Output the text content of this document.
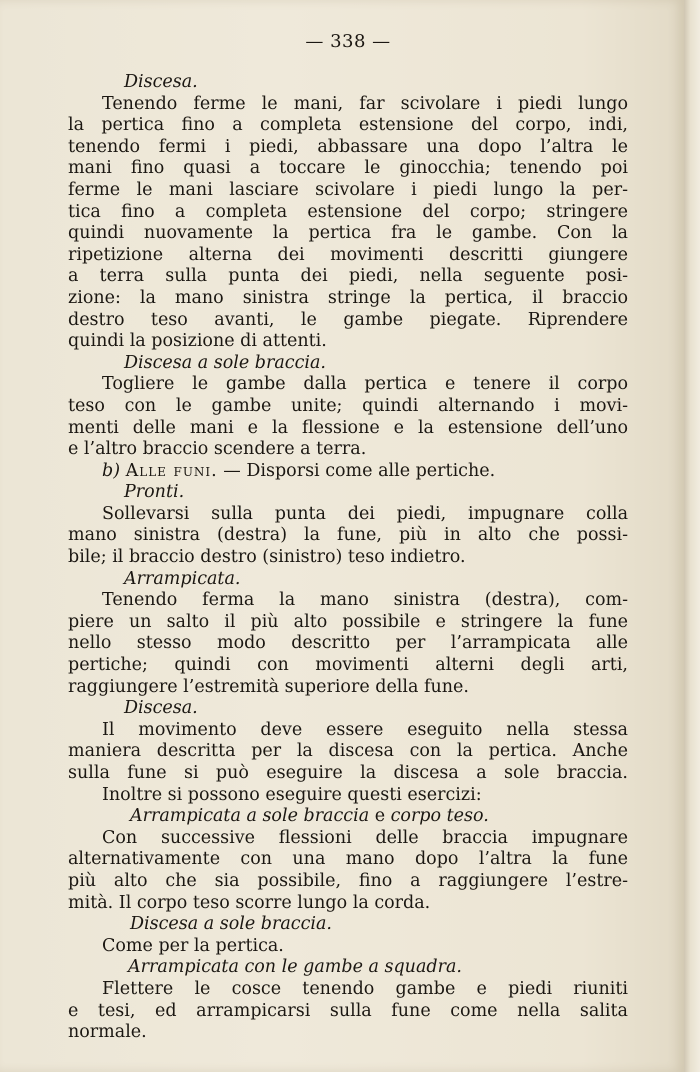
— 338 —
Discesa.
Tenendo ferme le mani, far scivolare i piedi lungo
la pertica fino a completa estensione del corpo, indi,
tenendo fermi i piedi, abbassare una dopo l’altra le
mani fino quasi a toccare le ginocchia; tenendo poi
ferme le mani lasciare scivolare i piedi lungo la per-
tica fino a completa estensione del corpo; stringere
quindi nuovamente la pertica fra le gambe. Con la
ripetizione alterna dei movimenti descritti giungere
a terra sulla punta dei piedi, nella seguente posi-
zione: la mano sinistra stringe la pertica, il braccio
destro teso avanti, le gambe piegate. Riprendere
quindi la posizione di attenti.
Discesa a sole braccia.
Togliere le gambe dalla pertica e tenere il corpo
teso con le gambe unite; quindi alternando i movi-
menti delle mani e la flessione e la estensione dell’uno
e l’altro braccio scendere a terra.
b) Alle funi. — Disporsi come alle pertiche.
Pronti.
Sollevarsi sulla punta dei piedi, impugnare colla
mano sinistra (destra) la fune, più in alto che possi-
bile; il braccio destro (sinistro) teso indietro.
Arrampicata.
Tenendo ferma la mano sinistra (destra), com-
piere un salto il più alto possibile e stringere la fune
nello stesso modo descritto per l’arrampicata alle
pertiche; quindi con movimenti alterni degli arti,
raggiungere l’estremità superiore della fune.
Discesa.
Il movimento deve essere eseguito nella stessa
maniera descritta per la discesa con la pertica. Anche
sulla fune si può eseguire la discesa a sole braccia.
Inoltre si possono eseguire questi esercizi:
Arrampicata a sole braccia e corpo teso.
Con successive flessioni delle braccia impugnare
alternativamente con una mano dopo l’altra la fune
più alto che sia possibile, fino a raggiungere l’estre-
mità. Il corpo teso scorre lungo la corda.
Discesa a sole braccia.
Come per la pertica.
Arrampicata con le gambe a squadra.
Flettere le cosce tenendo gambe e piedi riuniti
e tesi, ed arrampicarsi sulla fune come nella salita
normale.
